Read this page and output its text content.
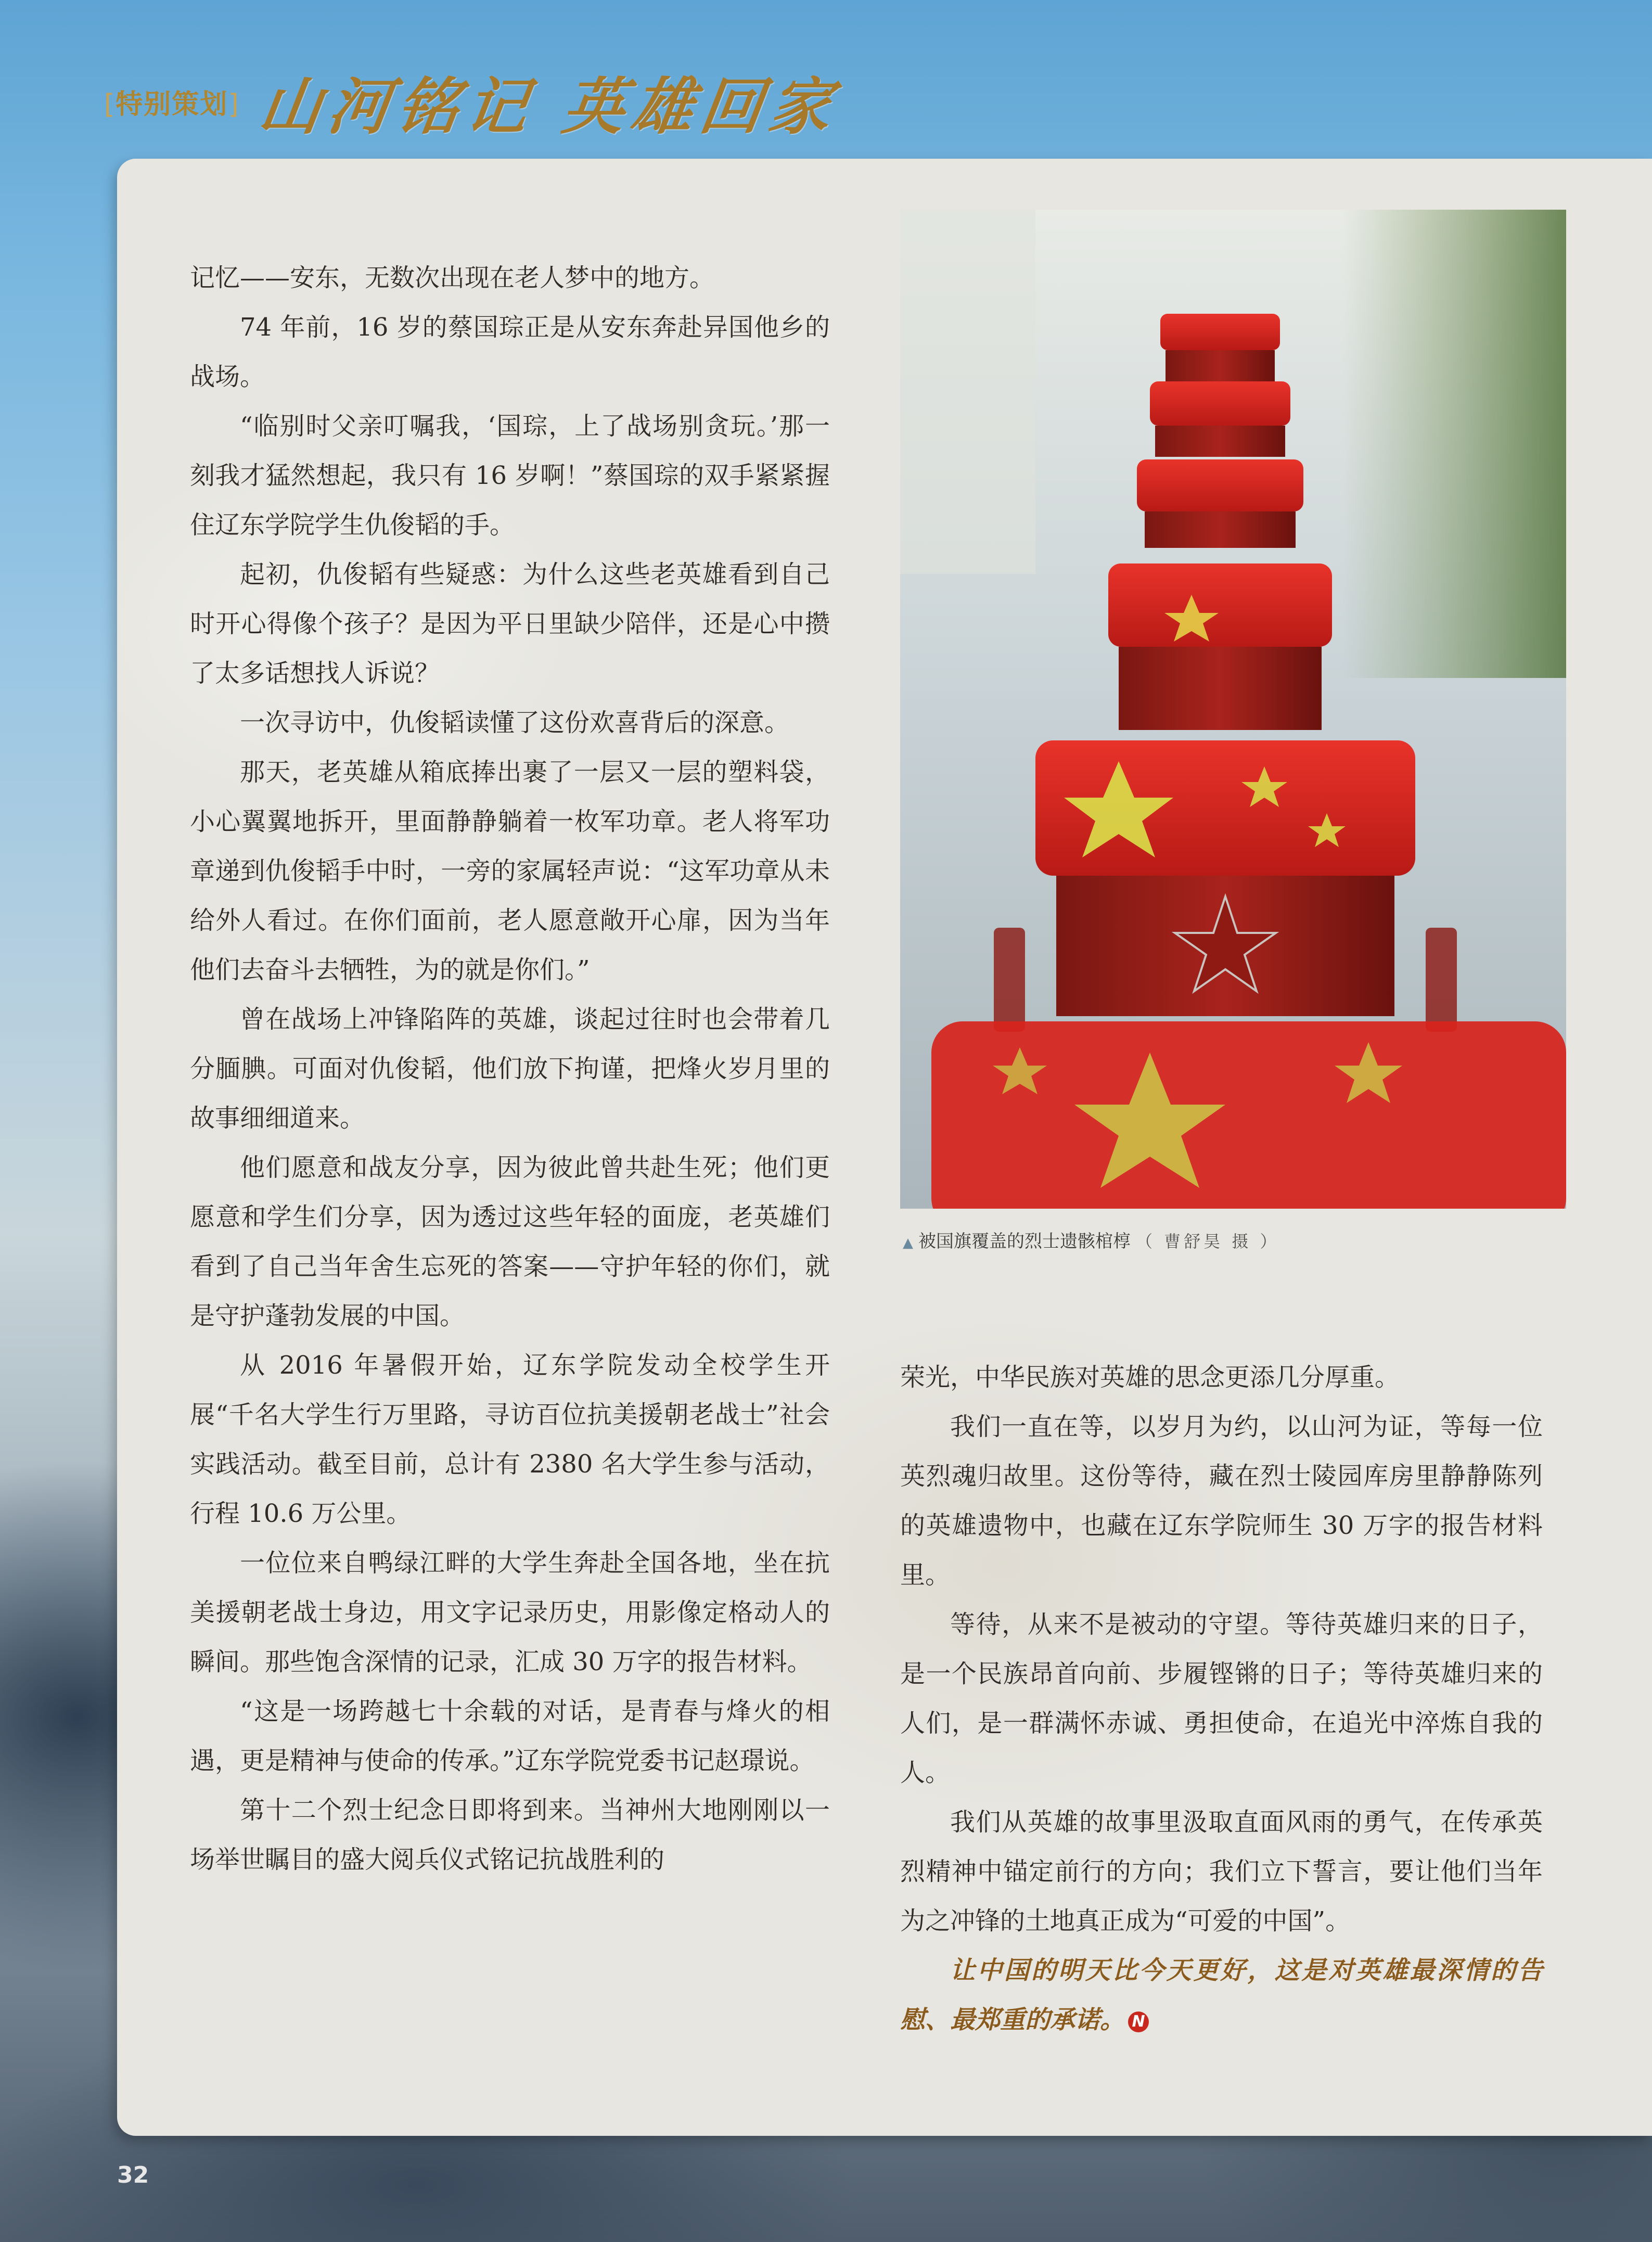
[特别策划] 山河铭记 英雄回家

记忆——安东，无数次出现在老人梦中的地方。

74 年前，16 岁的蔡国琮正是从安东奔赴异国他乡的战场。

“临别时父亲叮嘱我，‘国琮，上了战场别贪玩。’那一刻我才猛然想起，我只有 16 岁啊！”蔡国琮的双手紧紧握住辽东学院学生仇俊韬的手。

起初，仇俊韬有些疑惑：为什么这些老英雄看到自己时开心得像个孩子？是因为平日里缺少陪伴，还是心中攒了太多话想找人诉说？

一次寻访中，仇俊韬读懂了这份欢喜背后的深意。

那天，老英雄从箱底捧出裹了一层又一层的塑料袋，小心翼翼地拆开，里面静静躺着一枚军功章。老人将军功章递到仇俊韬手中时，一旁的家属轻声说：“这军功章从未给外人看过。在你们面前，老人愿意敞开心扉，因为当年他们去奋斗去牺牲，为的就是你们。”

曾在战场上冲锋陷阵的英雄，谈起过往时也会带着几分腼腆。可面对仇俊韬，他们放下拘谨，把烽火岁月里的故事细细道来。

他们愿意和战友分享，因为彼此曾共赴生死；他们更愿意和学生们分享，因为透过这些年轻的面庞，老英雄们看到了自己当年舍生忘死的答案——守护年轻的你们，就是守护蓬勃发展的中国。

从 2016 年暑假开始，辽东学院发动全校学生开展“千名大学生行万里路，寻访百位抗美援朝老战士”社会实践活动。截至目前，总计有 2380 名大学生参与活动，行程 10.6 万公里。

一位位来自鸭绿江畔的大学生奔赴全国各地，坐在抗美援朝老战士身边，用文字记录历史，用影像定格动人的瞬间。那些饱含深情的记录，汇成 30 万字的报告材料。

“这是一场跨越七十余载的对话，是青春与烽火的相遇，更是精神与使命的传承。”辽东学院党委书记赵璟说。

第十二个烈士纪念日即将到来。当神州大地刚刚以一场举世瞩目的盛大阅兵仪式铭记抗战胜利的

▲ 被国旗覆盖的烈士遗骸棺椁 （ 曹舒昊 摄 ）

荣光，中华民族对英雄的思念更添几分厚重。

我们一直在等，以岁月为约，以山河为证，等每一位英烈魂归故里。这份等待，藏在烈士陵园库房里静静陈列的英雄遗物中，也藏在辽东学院师生 30 万字的报告材料里。

等待，从来不是被动的守望。等待英雄归来的日子，是一个民族昂首向前、步履铿锵的日子；等待英雄归来的人们，是一群满怀赤诚、勇担使命，在追光中淬炼自我的人。

我们从英雄的故事里汲取直面风雨的勇气，在传承英烈精神中锚定前行的方向；我们立下誓言，要让他们当年为之冲锋的土地真正成为“可爱的中国”。

让中国的明天比今天更好，这是对英雄最深情的告慰、最郑重的承诺。 N

32
